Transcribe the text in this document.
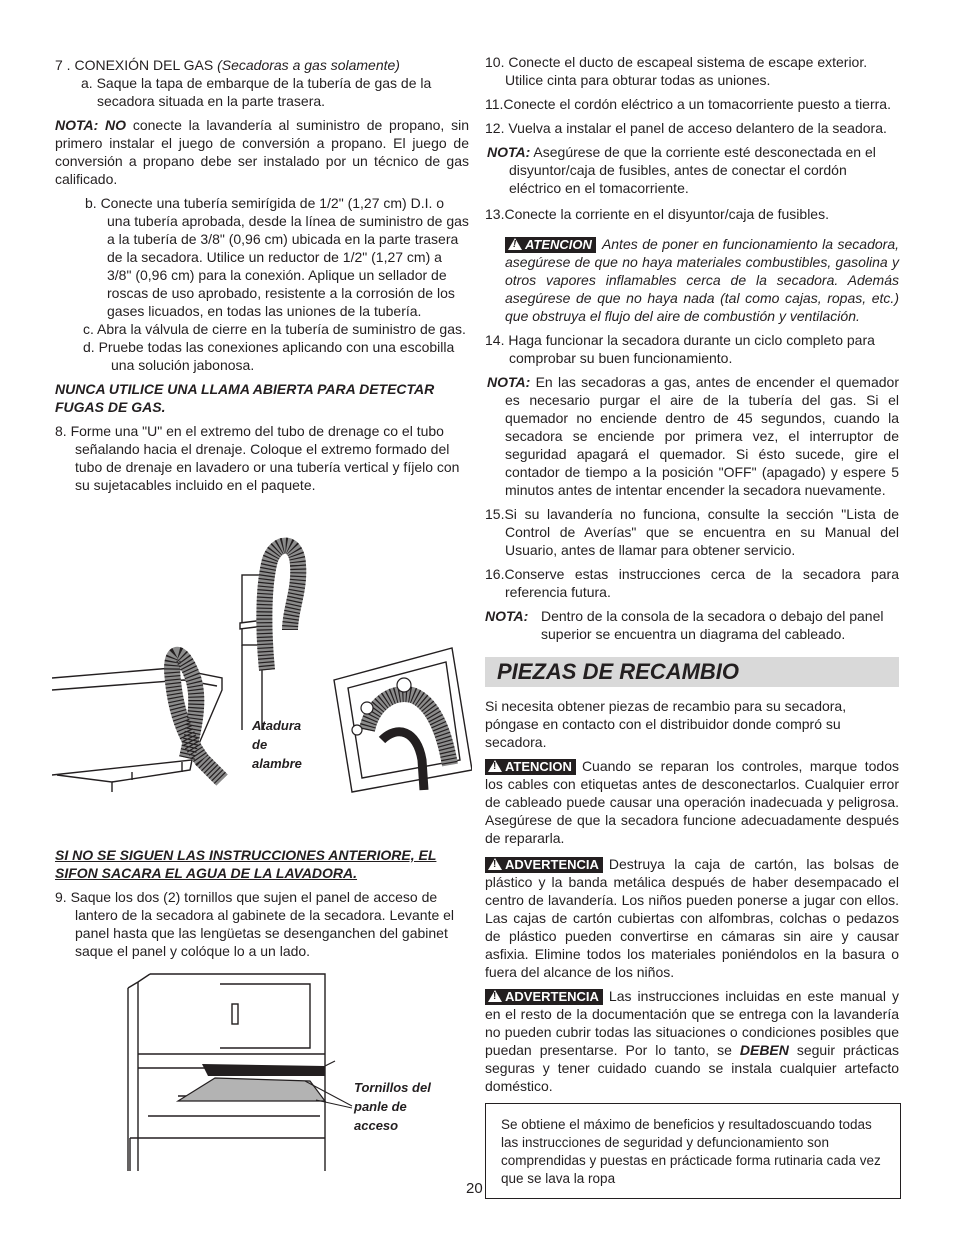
7 . CONEXIÓN DEL GAS (Secadoras a gas solamente)

a. Saque la tapa de embarque de la tubería de gas de la secadora situada en la parte trasera.

NOTA: NO conecte la lavandería al suministro de propano, sin primero instalar el juego de conversión a propano. El juego de conversión a propano debe ser instalado por un técnico de gas calificado.

b. Conecte una tubería semirígida de 1/2" (1,27 cm) D.I. o una tubería aprobada, desde la línea de suministro de gas a la tubería de 3/8" (0,96 cm) ubicada en la parte trasera de la secadora. Utilice un reductor de 1/2" (1,27 cm) a 3/8" (0,96 cm) para la conexión. Aplique un sellador de roscas de uso aprobado, resistente a la corrosión de los gases licuados, en todas las uniones de la tubería.

c. Abra la válvula de cierre en la tubería de suministro de gas.

d. Pruebe todas las conexiones aplicando con una escobilla una solución jabonosa.

NUNCA UTILICE UNA LLAMA ABIERTA PARA DETECTAR FUGAS DE GAS.

8. Forme una "U" en el extremo del tubo de drenage co el tubo señalando hacia el drenaje. Coloque el extremo formado del tubo de drenaje en lavadero or una tubería vertical y fíjelo con su sujetacables incluido en el paquete.

Atadura
de
alambre

SI NO SE SIGUEN LAS INSTRUCCIONES ANTERIORE, EL

SIFON SACARA EL AGUA DE LA LAVADORA.

9. Saque los dos (2) tornillos que sujen el panel de acceso de lantero de la secadora al gabinete de la secadora. Levante el panel hasta que las lengüetas se desenganchen del gabinet saque el panel y colóque lo a un lado.

Tornillos del
panle de
acceso

10. Conecte el ducto de escapeal sistema de escape exterior. Utilice cinta para obturar todas as uniones.

11.Conecte el cordón eléctrico a un tomacorriente puesto a tierra.

12. Vuelva a instalar el panel de acceso delantero de la seadora.

NOTA: Asegúrese de que la corriente esté desconectada en el disyuntor/caja de fusibles, antes de conectar el cordón eléctrico en el tomacorriente.

13.Conecte la corriente en el disyuntor/caja de fusibles.

!ATENCION Antes de poner en funcionamiento la secadora, asegúrese de que no haya materiales combustibles, gasolina y otros vapores inflamables cerca de la secadora. Además asegúrese de que no haya nada (tal como cajas, ropas, etc.) que obstruya el flujo del aire de combustión y ventilación.

14. Haga funcionar la secadora durante un ciclo completo para comprobar su buen funcionamiento.

NOTA: En las secadoras a gas, antes de encender el quemador es necesario purgar el aire de la tubería del gas. Si el quemador no enciende dentro de 45 segundos, cuando la secadora se enciende por primera vez, el interruptor de seguridad apagará el quemador. Si ésto sucede, gire el contador de tiempo a la posición "OFF" (apagado) y espere 5 minutos antes de intentar encender la secadora nuevamente.

15.Si su lavandería no funciona, consulte la sección "Lista de Control de Averías" que se encuentra en su Manual del Usuario, antes de llamar para obtener servicio.

16.Conserve estas instrucciones cerca de la secadora para referencia futura.

NOTA: Dentro de la consola de la secadora o debajo del panel superior se encuentra un diagrama del cableado.

PIEZAS DE RECAMBIO

Si necesita obtener piezas de recambio para su secadora, póngase en contacto con el distribuidor donde compró su secadora.

!ATENCION Cuando se reparan los controles, marque todos los cables con etiquetas antes de desconectarlos. Cualquier error de cableado puede causar una operación inadecuada y peligrosa. Asegúrese de que la secadora funcione adecuadamente después de repararla.

!ADVERTENCIA Destruya la caja de cartón, las bolsas de plástico y la banda metálica después de haber desempacado el centro de lavandería. Los niños pueden ponerse a jugar con ellos. Las cajas de cartón cubiertas con alfombras, colchas o pedazos de plástico pueden convertirse en cámaras sin aire y causar asfixia. Elimine todos los materiales poniéndolos en la basura o fuera del alcance de los niños.

!ADVERTENCIA Las instrucciones incluidas en este manual y en el resto de la documentación que se entrega con la lavandería no pueden cubrir todas las situaciones o condiciones posibles que puedan presentarse. Por lo tanto, se DEBEN seguir prácticas seguras y tener cuidado cuando se instala cualquier artefacto doméstico.

Se obtiene el máximo de beneficios y resultadoscuando todas las instrucciones de seguridad y defuncionamiento son comprendidas y puestas en prácticade forma rutinaria cada vez que se lava la ropa

20
